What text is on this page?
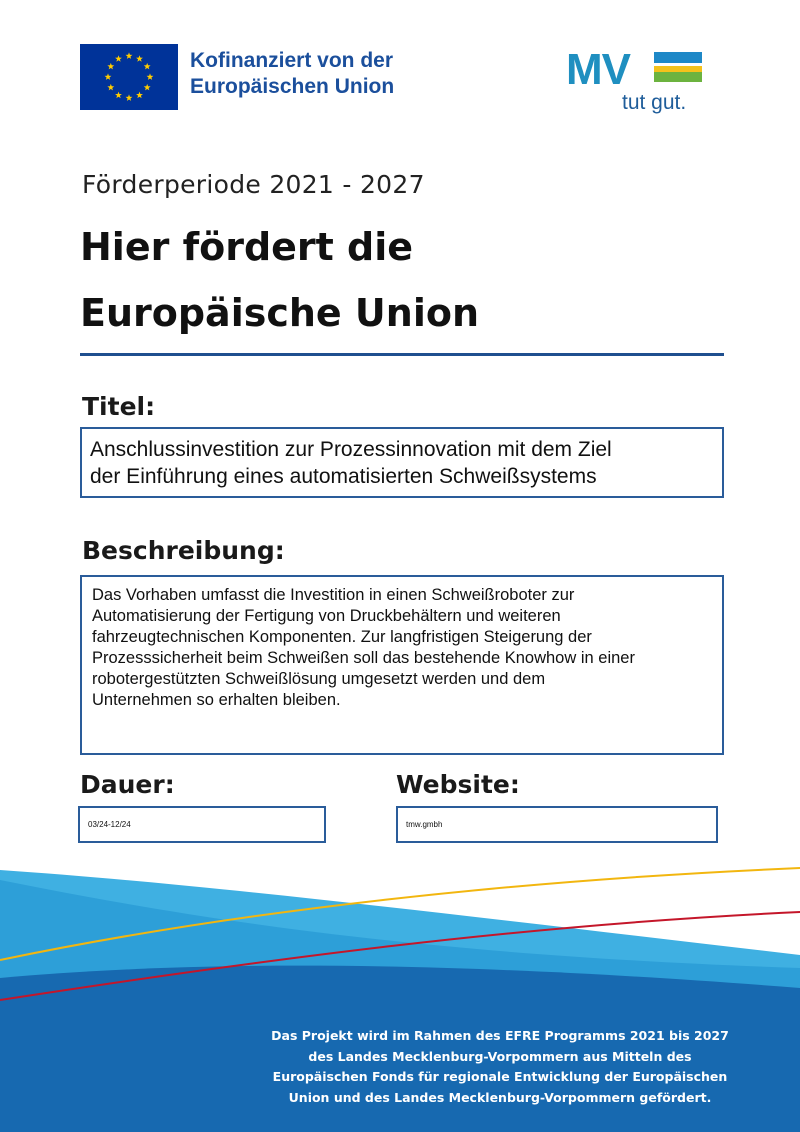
Kofinanziert von der
Europäischen Union	MV
tut gut.
Förderperiode 2021 - 2027
Hier fördert die
Europäische Union
Titel:
Anschlussinvestition zur Prozessinnovation mit dem Ziel
der Einführung eines automatisierten Schweißsystems
Beschreibung:
Das Vorhaben umfasst die Investition in einen Schweißroboter zur
Automatisierung der Fertigung von Druckbehältern und weiteren
fahrzeugtechnischen Komponenten. Zur langfristigen Steigerung der
Prozesssicherheit beim Schweißen soll das bestehende Knowhow in einer
robotergestützten Schweißlösung umgesetzt werden und dem
Unternehmen so erhalten bleiben.
Dauer:
03/24-12/24
Website:
tmw.gmbh
Das Projekt wird im Rahmen des EFRE Programms 2021 bis 2027
des Landes Mecklenburg-Vorpommern aus Mitteln des
Europäischen Fonds für regionale Entwicklung der Europäischen
Union und des Landes Mecklenburg-Vorpommern gefördert.
